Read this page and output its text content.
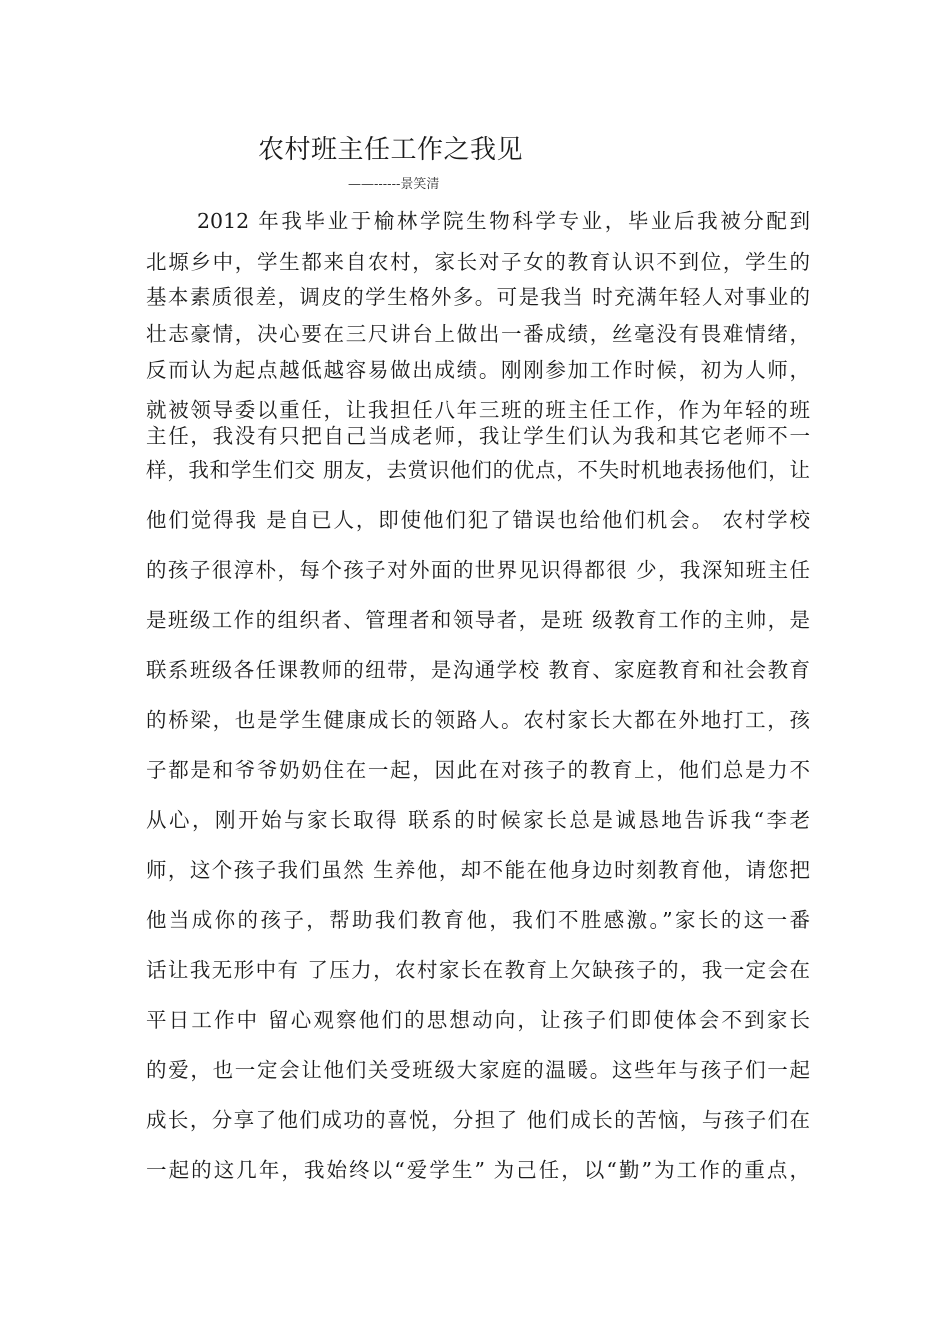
农村班主任工作之我见
——------景笑清
2012 年我毕业于榆林学院生物科学专业，毕业后我被分配到
北塬乡中，学生都来自农村，家长对子女的教育认识不到位，学生的
基本素质很差，调皮的学生格外多。可是我当 时充满年轻人对事业的
壮志豪情，决心要在三尺讲台上做出一番成绩，丝毫没有畏难情绪，
反而认为起点越低越容易做出成绩。刚刚参加工作时候，初为人师，
就被领导委以重任，让我担任八年三班的班主任工作，作为年轻的班
主任，我没有只把自己当成老师，我让学生们认为我和其它老师不一
样，我和学生们交 朋友，去赏识他们的优点，不失时机地表扬他们，让
他们觉得我 是自已人，即使他们犯了错误也给他们机会。 农村学校
的孩子很淳朴，每个孩子对外面的世界见识得都很 少，我深知班主任
是班级工作的组织者、管理者和领导者，是班 级教育工作的主帅，是
联系班级各任课教师的纽带，是沟通学校 教育、家庭教育和社会教育
的桥梁，也是学生健康成长的领路人。农村家长大都在外地打工，孩
子都是和爷爷奶奶住在一起，因此在对孩子的教育上，他们总是力不
从心，刚开始与家长取得 联系的时候家长总是诚恳地告诉我“李老
师，这个孩子我们虽然 生养他，却不能在他身边时刻教育他，请您把
他当成你的孩子，帮助我们教育他，我们不胜感激。”家长的这一番
话让我无形中有 了压力，农村家长在教育上欠缺孩子的，我一定会在
平日工作中 留心观察他们的思想动向，让孩子们即使体会不到家长
的爱，也一定会让他们关受班级大家庭的温暖。这些年与孩子们一起
成长，分享了他们成功的喜悦，分担了 他们成长的苦恼，与孩子们在
一起的这几年，我始终以“爱学生” 为己任，以“勤”为工作的重点，
